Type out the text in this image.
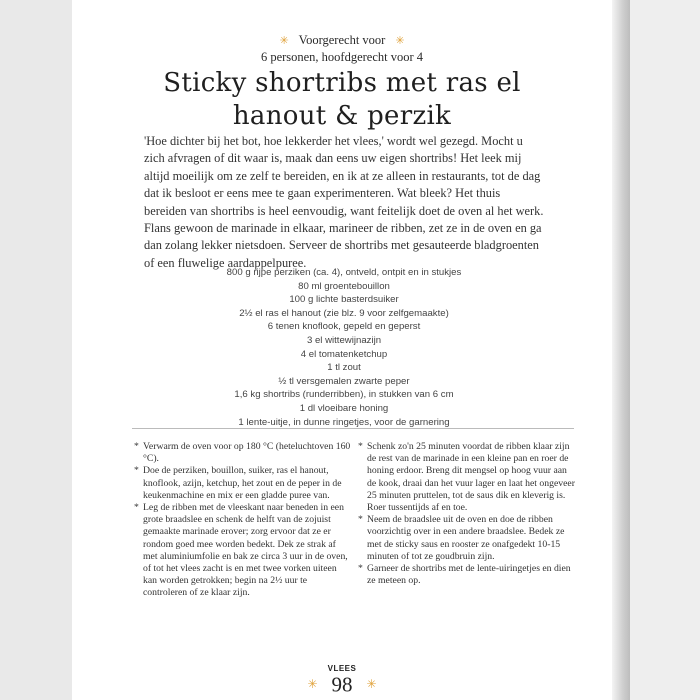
✳ Voorgerecht voor ✳
6 personen, hoofdgerecht voor 4
Sticky shortribs met ras el
hanout & perzik

'Hoe dichter bij het bot, hoe lekkerder het vlees,' wordt wel gezegd. Mocht u zich afvragen of dit waar is, maak dan eens uw eigen shortribs! Het leek mij altijd moeilijk om ze zelf te bereiden, en ik at ze alleen in restaurants, tot de dag dat ik besloot er eens mee te gaan experimenteren. Wat bleek? Het thuis bereiden van shortribs is heel eenvoudig, want feitelijk doet de oven al het werk. Flans gewoon de marinade in elkaar, marineer de ribben, zet ze in de oven en ga dan zolang lekker nietsdoen. Serveer de shortribs met gesauteerde bladgroenten of een fluwelige aardappelpuree.

800 g rijpe perziken (ca. 4), ontveld, ontpit en in stukjes
80 ml groentebouillon
100 g lichte basterdsuiker
2½ el ras el hanout (zie blz. 9 voor zelfgemaakte)
6 tenen knoflook, gepeld en geperst
3 el wittewijnazijn
4 el tomatenketchup
1 tl zout
½ tl versgemalen zwarte peper
1,6 kg shortribs (runderribben), in stukken van 6 cm
1 dl vloeibare honing
1 lente-uitje, in dunne ringetjes, voor de garnering
* Verwarm de oven voor op 180 °C (heteluchtoven 160 °C).
* Doe de perziken, bouillon, suiker, ras el hanout, knoflook, azijn, ketchup, het zout en de peper in de keukenmachine en mix er een gladde puree van.
* Leg de ribben met de vleeskant naar beneden in een grote braadslee en schenk de helft van de zojuist gemaakte marinade erover; zorg ervoor dat ze er rondom goed mee worden bedekt. Dek ze strak af met aluminiumfolie en bak ze circa 3 uur in de oven, of tot het vlees zacht is en met twee vorken uiteen kan worden getrokken; begin na 2½ uur te controleren of ze klaar zijn.
* Schenk zo'n 25 minuten voordat de ribben klaar zijn de rest van de marinade in een kleine pan en roer de honing erdoor. Breng dit mengsel op hoog vuur aan de kook, draai dan het vuur lager en laat het ongeveer 25 minuten pruttelen, tot de saus dik en kleverig is. Roer tussentijds af en toe.
* Neem de braadslee uit de oven en doe de ribben voorzichtig over in een andere braadslee. Bedek ze met de sticky saus en rooster ze onafgedekt 10-15 minuten of tot ze goudbruin zijn.
* Garneer de shortribs met de lente-uiringetjes en dien ze meteen op.
VLEES
✳ 98 ✳
